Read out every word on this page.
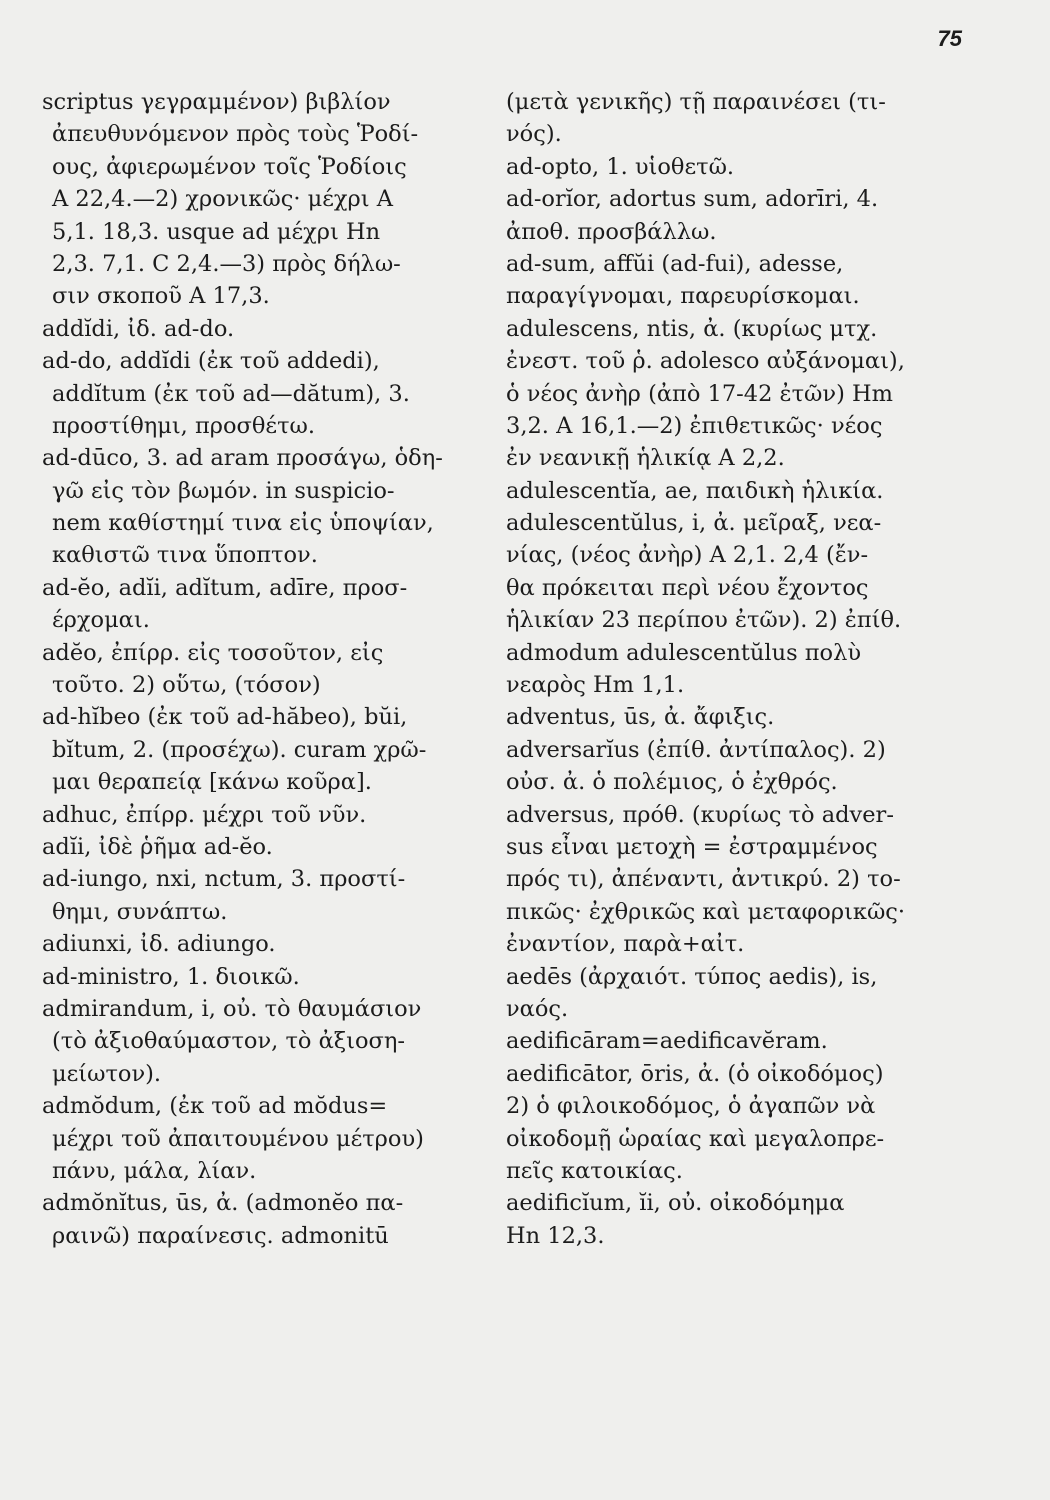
75
scriptus γεγραμμένον) βιβλίον
ἀπευθυνόμενον πρὸς τοὺς Ῥοδί-
ους, ἀφιερωμένον τοῖς Ῥοδίοις
Α 22,4.—2) χρονικῶς· μέχρι Α
5,1. 18,3. usque ad μέχρι Ηn
2,3. 7,1. C 2,4.—3) πρὸς δήλω-
σιν σκοποῦ Α 17,3.
addĭdi, ἰδ. ad-do.
ad-do, addĭdi (ἐκ τοῦ addedi),
addĭtum (ἐκ τοῦ ad—dătum), 3.
προστίθημι, προσθέτω.
ad-dūco, 3. ad aram προσάγω, ὁδη-
γῶ εἰς τὸν βωμόν. in suspicio-
nem καθίστημί τινα εἰς ὑποψίαν,
καθιστῶ τινα ὕποπτον.
ad-ĕo, adĭi, adĭtum, adīre, προσ-
έρχομαι.
adĕo, ἐπίρρ. εἰς τοσοῦτον, εἰς
τοῦτο. 2) οὕτω, (τόσον)
ad-hĭbeo (ἐκ τοῦ ad-hăbeo), bŭi,
bĭtum, 2. (προσέχω). curam χρῶ-
μαι θεραπείᾳ [κάνω κοῦρα].
adhuc, ἐπίρρ. μέχρι τοῦ νῦν.
adĭi, ἰδὲ ῥῆμα ad-ĕo.
ad-iungo, nxi, nctum, 3. προστί-
θημι, συνάπτω.
adiunxi, ἰδ. adiungo.
ad-ministro, 1. διοικῶ.
admirandum, i, οὐ. τὸ θαυμάσιον
(τὸ ἀξιοθαύμαστον, τὸ ἀξιοση-
μείωτον).
admŏdum, (ἐκ τοῦ ad mŏdus=
μέχρι τοῦ ἀπαιτουμένου μέτρου)
πάνυ, μάλα, λίαν.
admŏnĭtus, ūs, ἀ. (admonĕo πα-
ραινῶ) παραίνεσις. admonitū
(μετὰ γενικῆς) τῇ παραινέσει (τι-
νός).
ad-opto, 1. υἱοθετῶ.
ad-orĭor, adortus sum, adorīri, 4.
ἀποθ. προσβάλλω.
ad-sum, affŭi (ad-fui), adesse,
παραγίγνομαι, παρευρίσκομαι.
adulescens, ntis, ἀ. (κυρίως μτχ.
ἐνεστ. τοῦ ῥ. adolesco αὐξάνομαι),
ὁ νέος ἀνὴρ (ἀπὸ 17-42 ἐτῶν) Ηm
3,2. Α 16,1.—2) ἐπιθετικῶς· νέος
ἐν νεανικῇ ἡλικίᾳ Α 2,2.
adulescentĭa, ae, παιδικὴ ἡλικία.
adulescentŭlus, i, ἀ. μεῖραξ, νεα-
νίας, (νέος ἀνὴρ) Α 2,1. 2,4 (ἔν-
θα πρόκειται περὶ νέου ἔχοντος
ἡλικίαν 23 περίπου ἐτῶν). 2) ἐπίθ.
admodum adulescentŭlus πολὺ
νεαρὸς Ηm 1,1.
adventus, ūs, ἀ. ἄφιξις.
adversarĭus (ἐπίθ. ἀντίπαλος). 2)
οὐσ. ἀ. ὁ πολέμιος, ὁ ἐχθρός.
adversus, πρόθ. (κυρίως τὸ adver-
sus εἶναι μετοχὴ = ἐστραμμένος
πρός τι), ἀπέναντι, ἀντικρύ. 2) το-
πικῶς· ἐχθρικῶς καὶ μεταφορικῶς·
ἐναντίον, παρὰ+αἰτ.
aedēs (ἀρχαιότ. τύπος aedis), is,
ναός.
aedificāram=aedificavĕram.
aedificātor, ōris, ἀ. (ὁ οἰκοδόμος)
2) ὁ φιλοικοδόμος, ὁ ἀγαπῶν νὰ
οἰκοδομῇ ὡραίας καὶ μεγαλοπρε-
πεῖς κατοικίας.
aedificĭum, ĭi, οὐ. οἰκοδόμημα
Ηn 12,3.
